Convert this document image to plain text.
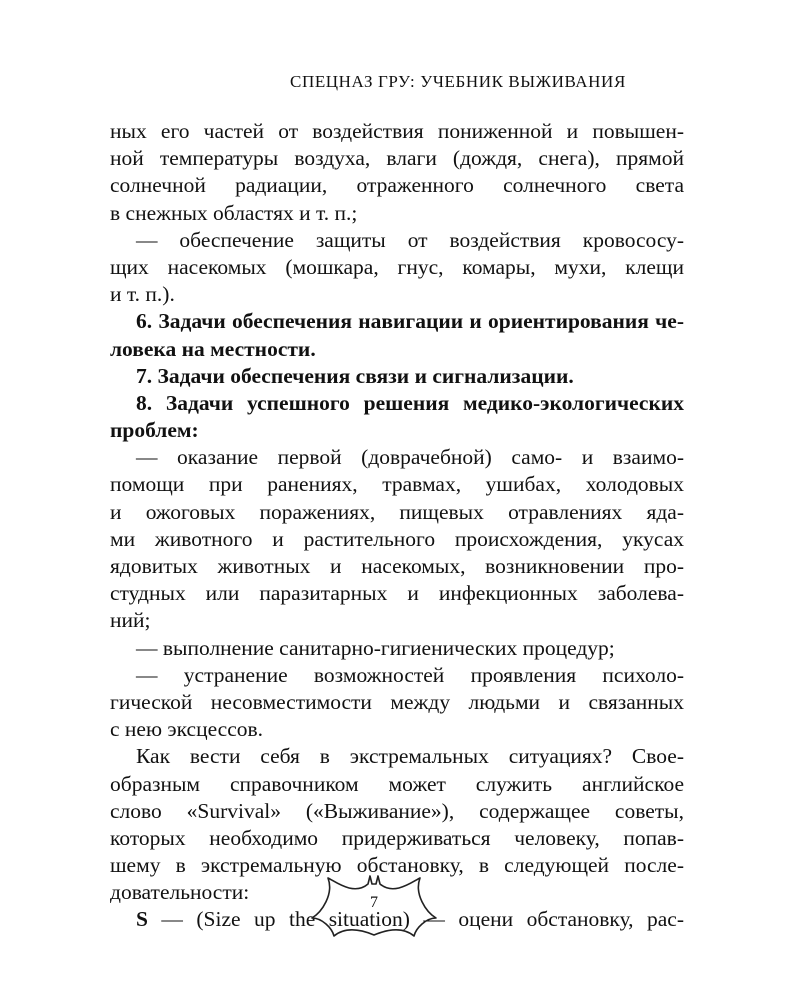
СПЕЦНАЗ ГРУ: УЧЕБНИК ВЫЖИВАНИЯ
ных его частей от воздействия пониженной и повышен-
ной температуры воздуха, влаги (дождя, снега), прямой
солнечной радиации, отраженного солнечного света
в снежных областях и т. п.;
— обеспечение защиты от воздействия кровососу-
щих насекомых (мошкара, гнус, комары, мухи, клещи
и т. п.).
6. Задачи обеспечения навигации и ориентирования че-
ловека на местности.
7. Задачи обеспечения связи и сигнализации.
8. Задачи успешного решения медико-экологических
проблем:
— оказание первой (доврачебной) само- и взаимо-
помощи при ранениях, травмах, ушибах, холодовых
и ожоговых поражениях, пищевых отравлениях яда-
ми животного и растительного происхождения, укусах
ядовитых животных и насекомых, возникновении про-
студных или паразитарных и инфекционных заболева-
ний;
— выполнение санитарно-гигиенических процедур;
— устранение возможностей проявления психоло-
гической несовместимости между людьми и связанных
с нею эксцессов.
Как вести себя в экстремальных ситуациях? Свое-
образным справочником может служить английское
слово «Survival» («Выживание»), содержащее советы,
которых необходимо придерживаться человеку, попав-
шему в экстремальную обстановку, в следующей после-
довательности:
S — (Size up the situation) — оцени обстановку, рас-
7
